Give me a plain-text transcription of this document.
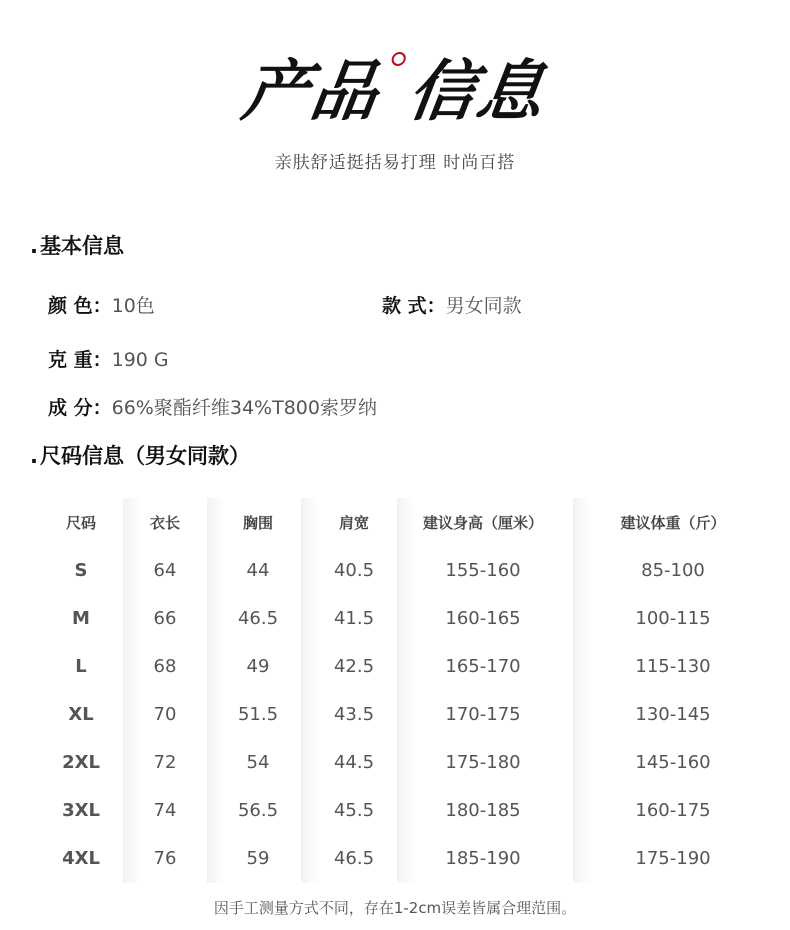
产品 信息
亲肤舒适挺括易打理 时尚百搭
.基本信息
颜 色：10色	款 式：男女同款
克 重：190 G
成 分：66%聚酯纤维34%T800索罗纳
.尺码信息（男女同款）
尺码	衣长	胸围	肩宽	建议身高（厘米）	建议体重（斤）
S	64	44	40.5	155-160	85-100
M	66	46.5	41.5	160-165	100-115
L	68	49	42.5	165-170	115-130
XL	70	51.5	43.5	170-175	130-145
2XL	72	54	44.5	175-180	145-160
3XL	74	56.5	45.5	180-185	160-175
4XL	76	59	46.5	185-190	175-190
因手工测量方式不同，存在1-2cm误差皆属合理范围。
